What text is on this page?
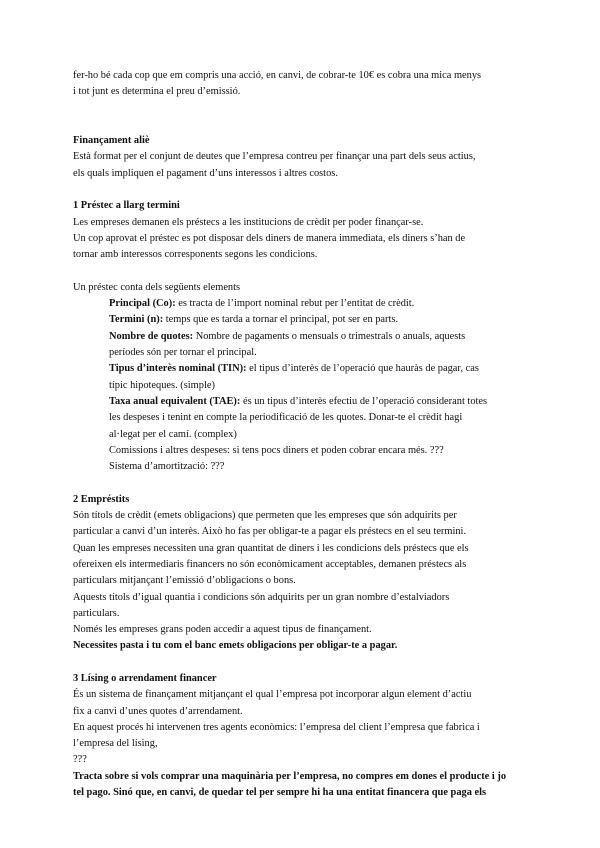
fer-ho bé cada cop que em compris una acció, en canvi, de cobrar-te 10€ es cobra una mica menys

i tot junt es determina el preu d’emissió.

Finançament aliè

Està format per el conjunt de deutes que l’empresa contreu per finançar una part dels seus actius,

els quals impliquen el pagament d’uns interessos i altres costos.

1 Préstec a llarg termini

Les empreses demanen els préstecs a les institucions de crèdit per poder finançar-se.

Un cop aprovat el préstec es pot disposar dels diners de manera immediata, els diners s’han de

tornar amb interessos corresponents segons les condicions.

Un préstec conta dels següents elements

Principal (Co): es tracta de l’import nominal rebut per l’entitat de crèdit.

Termini (n): temps que es tarda a tornar el principal, pot ser en parts.

Nombre de quotes: Nombre de pagaments o mensuals o trimestrals o anuals, aquests

períodes són per tornar el principal.

Tipus d’interès nominal (TIN): el tipus d’interès de l’operació que hauràs de pagar, cas

típic hipoteques. (simple)

Taxa anual equivalent (TAE): és un tipus d’interès efectiu de l’operació considerant totes

les despeses i tenint en compte la periodificació de les quotes. Donar-te el crèdit hagi

al·legat per el camí. (complex)

Comissions i altres despeses: si tens pocs diners et poden cobrar encara més. ???

Sistema d’amortització: ???

2 Empréstits

Són títols de crèdit (emets obligacions) que permeten que les empreses que són adquirits per

particular a canvi d’un interès. Això ho fas per obligar-te a pagar els préstecs en el seu termini.

Quan les empreses necessiten una gran quantitat de diners i les condicions dels préstecs que els

ofereixen els intermediaris financers no són econòmicament acceptables, demanen préstecs als

particulars mitjançant l’emissió d’obligacions o bons.

Aquests títols d’igual quantia i condicions són adquirits per un gran nombre d’estalviadors

particulars.

Només les empreses grans poden accedir a aquest tipus de finançament.

Necessites pasta i tu com el banc emets obligacions per obligar-te a pagar.

3 Lísing o arrendament financer

És un sistema de finançament mitjançant el qual l’empresa pot incorporar algun element d’actiu

fix a canvi d’unes quotes d’arrendament.

En aquest procés hi intervenen tres agents econòmics: l’empresa del client l’empresa que fabrica i

l’empresa del lísing,

???

Tracta sobre si vols comprar una maquinària per l’empresa, no compres em dones el producte i jo

tel pago. Sinó que, en canvi, de quedar tel per sempre hi ha una entitat financera que paga els
